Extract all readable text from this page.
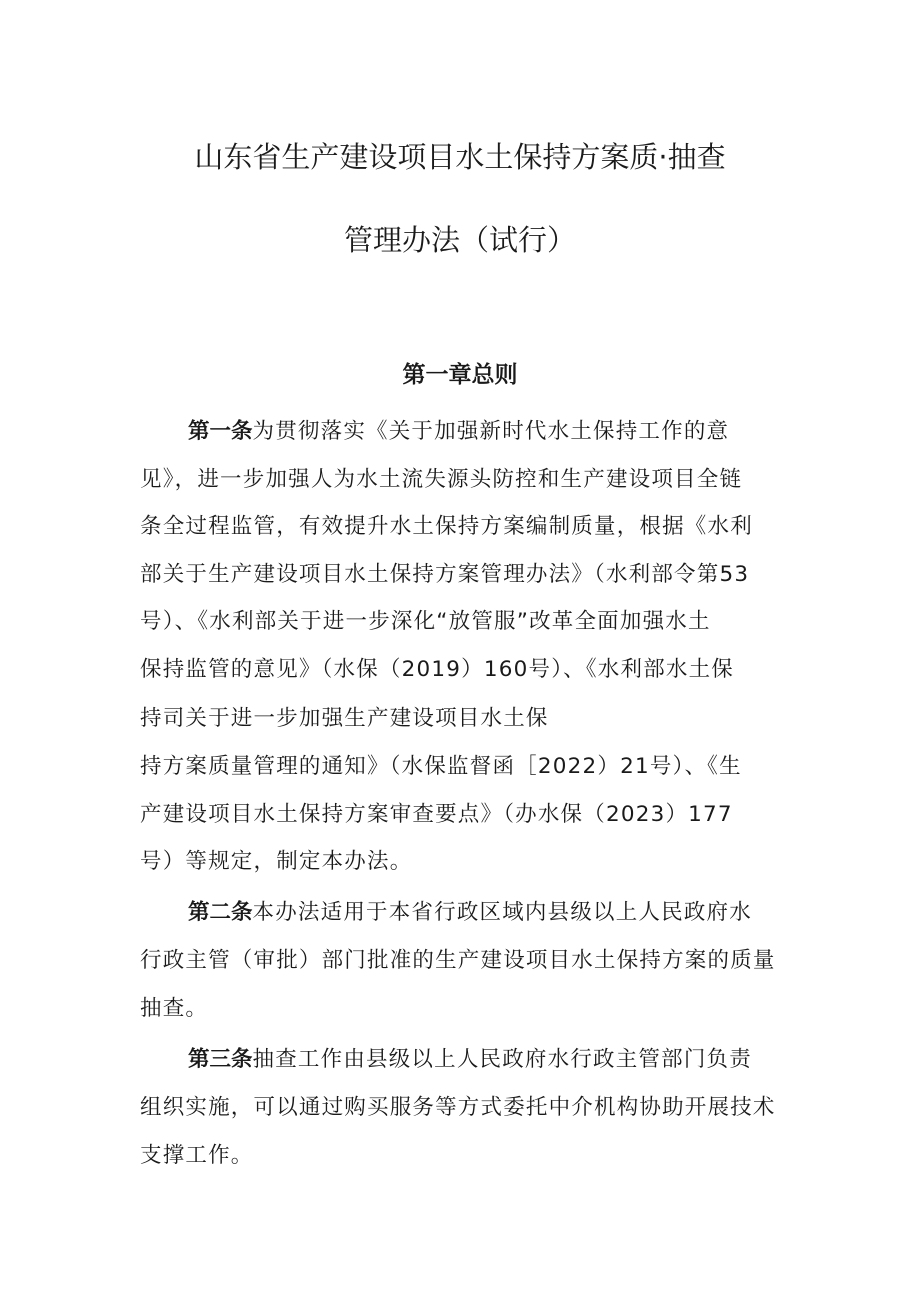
山东省生产建设项目水土保持方案质·抽查
管理办法（试行）
第一章总则
第一条为贯彻落实《关于加强新时代水土保持工作的意
见》，进一步加强人为水土流失源头防控和生产建设项目全链
条全过程监管，有效提升水土保持方案编制质量，根据《水利
部关于生产建设项目水土保持方案管理办法》（水利部令第53
号）、《水利部关于进一步深化“放管服”改革全面加强水土
保持监管的意见》（水保（2019）160号）、《水利部水土保
持司关于进一步加强生产建设项目水土保
持方案质量管理的通知》（水保监督函［2022）21号）、《生
产建设项目水土保持方案审查要点》（办水保（2023）177
号）等规定，制定本办法。
第二条本办法适用于本省行政区域内县级以上人民政府水
行政主管（审批）部门批准的生产建设项目水土保持方案的质量
抽查。
第三条抽查工作由县级以上人民政府水行政主管部门负责
组织实施，可以通过购买服务等方式委托中介机构协助开展技术
支撑工作。
